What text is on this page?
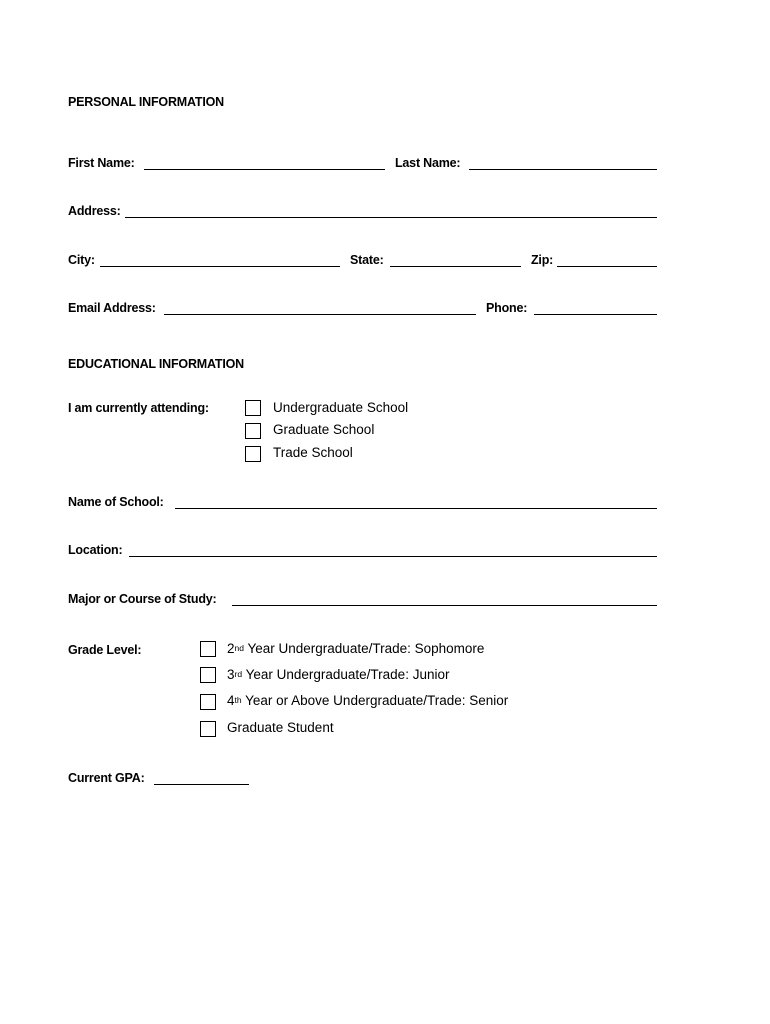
PERSONAL INFORMATION
First Name:	Last Name:
Address:
City:	State:	Zip:
Email Address:	Phone:
EDUCATIONAL INFORMATION
I am currently attending:	Undergraduate School
Graduate School
Trade School
Name of School:
Location:
Major or Course of Study:
Grade Level:	2nd Year Undergraduate/Trade: Sophomore
3rd Year Undergraduate/Trade: Junior
4th Year or Above Undergraduate/Trade: Senior
Graduate Student
Current GPA:
